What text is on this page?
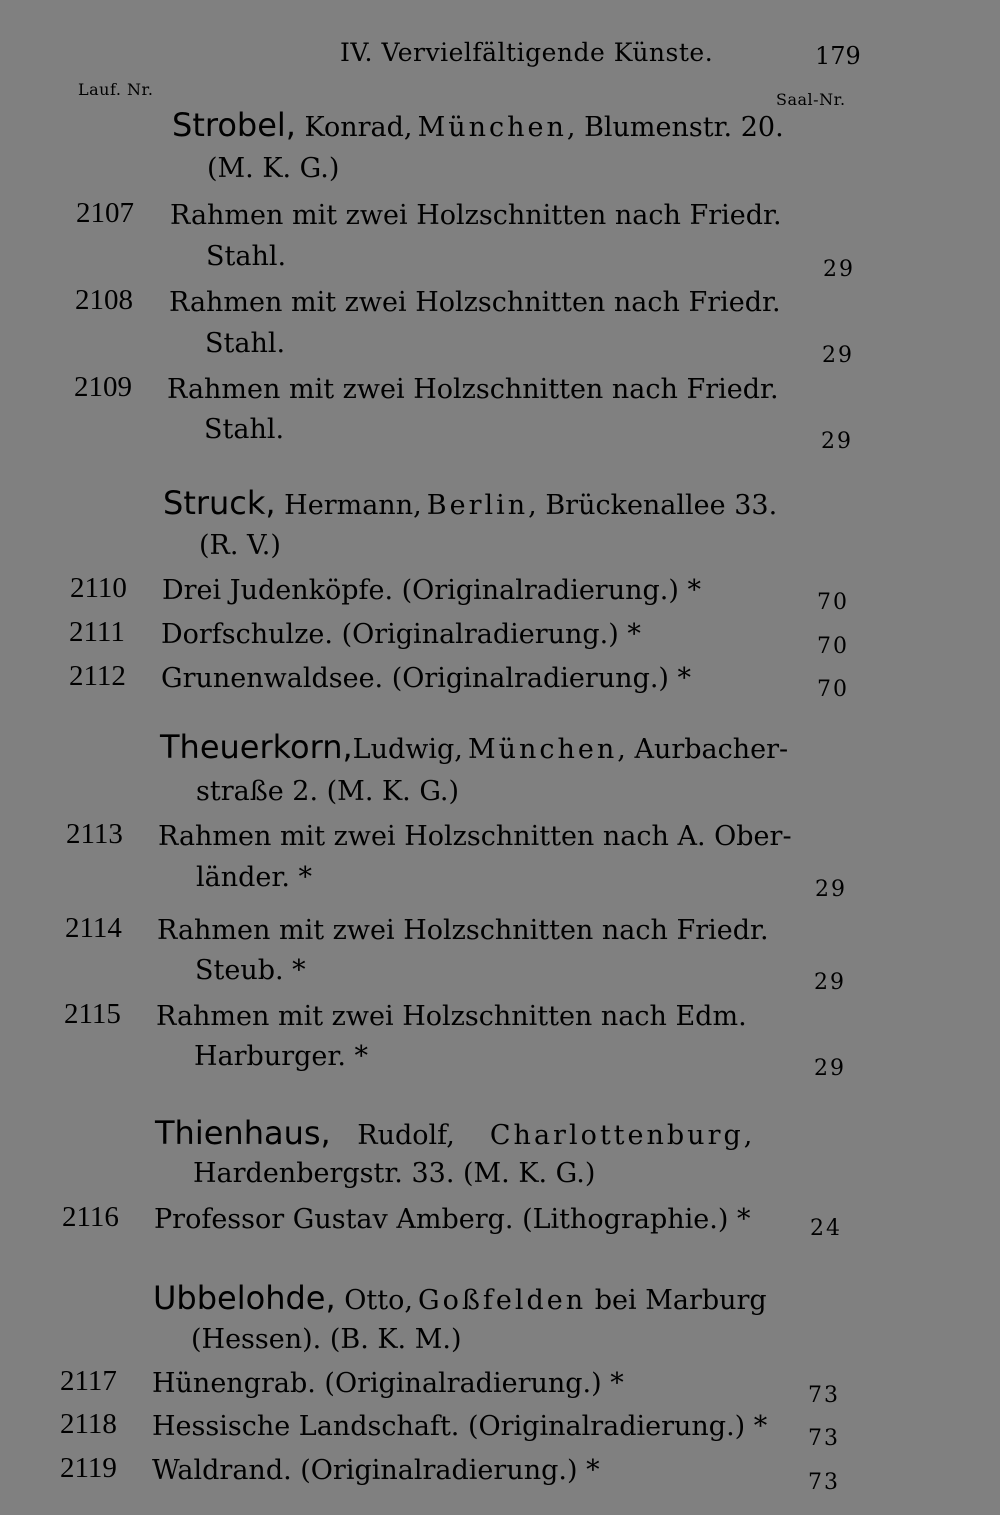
IV. Vervielfältigende Künste.	179
Lauf. Nr.
Saal-Nr.
Strobel, Konrad, München, Blumenstr. 20.
(M. K. G.)
2107 Rahmen mit zwei Holzschnitten nach Friedr.
Stahl.	29
2108 Rahmen mit zwei Holzschnitten nach Friedr.
Stahl.	29
2109 Rahmen mit zwei Holzschnitten nach Friedr.
Stahl.	29
Struck, Hermann, Berlin, Brückenallee 33.
(R. V.)
2110 Drei Judenköpfe. (Originalradierung.) *	70
2111 Dorfschulze. (Originalradierung.) *	70
2112 Grunenwaldsee. (Originalradierung.) *	70
Theuerkorn,Ludwig, München, Aurbacher-
straße 2. (M. K. G.)
2113 Rahmen mit zwei Holzschnitten nach A. Ober-
länder. *	29
2114 Rahmen mit zwei Holzschnitten nach Friedr.
Steub. *	29
2115 Rahmen mit zwei Holzschnitten nach Edm.
Harburger. *	29
Thienhaus, Rudolf, Charlottenburg,
Hardenbergstr. 33. (M. K. G.)
2116 Professor Gustav Amberg. (Lithographie.) *	24
Ubbelohde, Otto, Goßfelden bei Marburg
(Hessen). (B. K. M.)
2117 Hünengrab. (Originalradierung.) *	73
2118 Hessische Landschaft. (Originalradierung.) * 73
2119 Waldrand. (Originalradierung.) *	73
